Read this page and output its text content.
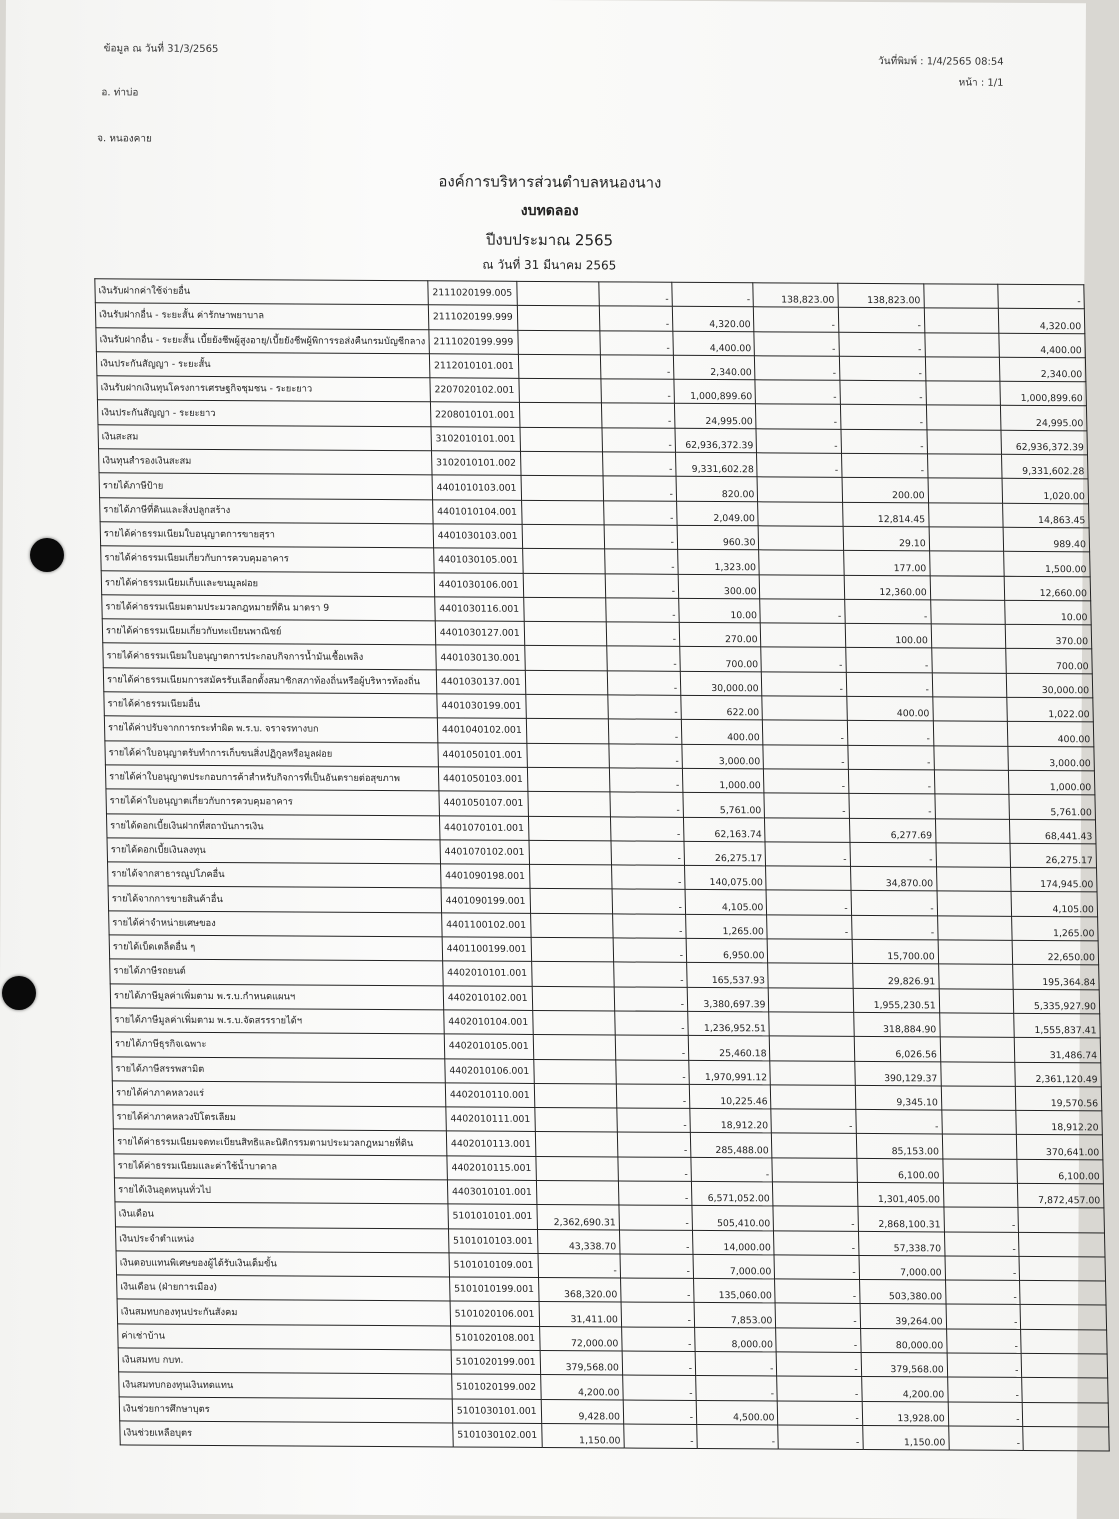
ข้อมูล ณ วันที่ 31/3/2565
อ. ท่าบ่อ
จ. หนองคาย
วันที่พิมพ์ : 1/4/2565 08:54
หน้า : 1/1
องค์การบริหารส่วนตำบลหนองนาง
งบทดลอง
ปีงบประมาณ 2565
ณ วันที่ 31 มีนาคม 2565
เงินรับฝากค่าใช้จ่ายอื่น	2111020199.005		-	-	138,823.00	138,823.00		-
เงินรับฝากอื่น - ระยะสั้น ค่ารักษาพยาบาล	2111020199.999		-	4,320.00	-	-		4,320.00
เงินรับฝากอื่น - ระยะสั้น เบี้ยยังชีพผู้สูงอายุ/เบี้ยยังชีพผู้พิการรอส่งคืนกรมบัญชีกลาง	2111020199.999		-	4,400.00	-	-		4,400.00
เงินประกันสัญญา - ระยะสั้น	2112010101.001		-	2,340.00	-	-		2,340.00
เงินรับฝากเงินทุนโครงการเศรษฐกิจชุมชน - ระยะยาว	2207020102.001		-	1,000,899.60	-	-		1,000,899.60
เงินประกันสัญญา - ระยะยาว	2208010101.001		-	24,995.00	-	-		24,995.00
เงินสะสม	3102010101.001		-	62,936,372.39	-	-		62,936,372.39
เงินทุนสำรองเงินสะสม	3102010101.002		-	9,331,602.28	-	-		9,331,602.28
รายได้ภาษีป้าย	4401010103.001		-	820.00		200.00		1,020.00
รายได้ภาษีที่ดินและสิ่งปลูกสร้าง	4401010104.001		-	2,049.00		12,814.45		14,863.45
รายได้ค่าธรรมเนียมใบอนุญาตการขายสุรา	4401030103.001		-	960.30		29.10		989.40
รายได้ค่าธรรมเนียมเกี่ยวกับการควบคุมอาคาร	4401030105.001		-	1,323.00		177.00		1,500.00
รายได้ค่าธรรมเนียมเก็บและขนมูลฝอย	4401030106.001		-	300.00		12,360.00		12,660.00
รายได้ค่าธรรมเนียมตามประมวลกฎหมายที่ดิน มาตรา 9	4401030116.001		-	10.00	-	-		10.00
รายได้ค่าธรรมเนียมเกี่ยวกับทะเบียนพาณิชย์	4401030127.001		-	270.00		100.00		370.00
รายได้ค่าธรรมเนียมใบอนุญาตการประกอบกิจการน้ำมันเชื้อเพลิง	4401030130.001		-	700.00	-	-		700.00
รายได้ค่าธรรมเนียมการสมัครรับเลือกตั้งสมาชิกสภาท้องถิ่นหรือผู้บริหารท้องถิ่น	4401030137.001		-	30,000.00	-	-		30,000.00
รายได้ค่าธรรมเนียมอื่น	4401030199.001		-	622.00		400.00		1,022.00
รายได้ค่าปรับจากการกระทำผิด พ.ร.บ. จราจรทางบก	4401040102.001		-	400.00	-	-		400.00
รายได้ค่าใบอนุญาตรับทำการเก็บขนสิ่งปฏิกูลหรือมูลฝอย	4401050101.001		-	3,000.00	-	-		3,000.00
รายได้ค่าใบอนุญาตประกอบการค้าสำหรับกิจการที่เป็นอันตรายต่อสุขภาพ	4401050103.001		-	1,000.00	-	-		1,000.00
รายได้ค่าใบอนุญาตเกี่ยวกับการควบคุมอาคาร	4401050107.001		-	5,761.00	-	-		5,761.00
รายได้ดอกเบี้ยเงินฝากที่สถาบันการเงิน	4401070101.001		-	62,163.74		6,277.69		68,441.43
รายได้ดอกเบี้ยเงินลงทุน	4401070102.001		-	26,275.17	-	-		26,275.17
รายได้จากสาธารณูปโภคอื่น	4401090198.001		-	140,075.00		34,870.00		174,945.00
รายได้จากการขายสินค้าอื่น	4401090199.001		-	4,105.00	-	-		4,105.00
รายได้ค่าจำหน่ายเศษของ	4401100102.001		-	1,265.00	-	-		1,265.00
รายได้เบ็ดเตล็ดอื่น ๆ	4401100199.001		-	6,950.00		15,700.00		22,650.00
รายได้ภาษีรถยนต์	4402010101.001		-	165,537.93		29,826.91		195,364.84
รายได้ภาษีมูลค่าเพิ่มตาม พ.ร.บ.กำหนดแผนฯ	4402010102.001		-	3,380,697.39		1,955,230.51		5,335,927.90
รายได้ภาษีมูลค่าเพิ่มตาม พ.ร.บ.จัดสรรรายได้ฯ	4402010104.001		-	1,236,952.51		318,884.90		1,555,837.41
รายได้ภาษีธุรกิจเฉพาะ	4402010105.001		-	25,460.18		6,026.56		31,486.74
รายได้ภาษีสรรพสามิต	4402010106.001		-	1,970,991.12		390,129.37		2,361,120.49
รายได้ค่าภาคหลวงแร่	4402010110.001		-	10,225.46		9,345.10		19,570.56
รายได้ค่าภาคหลวงปิโตรเลียม	4402010111.001		-	18,912.20	-	-		18,912.20
รายได้ค่าธรรมเนียมจดทะเบียนสิทธิและนิติกรรมตามประมวลกฎหมายที่ดิน	4402010113.001		-	285,488.00		85,153.00		370,641.00
รายได้ค่าธรรมเนียมและค่าใช้น้ำบาดาล	4402010115.001		-	-		6,100.00		6,100.00
รายได้เงินอุดหนุนทั่วไป	4403010101.001		-	6,571,052.00		1,301,405.00		7,872,457.00
เงินเดือน	5101010101.001	2,362,690.31	-	505,410.00	-	2,868,100.31	-	
เงินประจำตำแหน่ง	5101010103.001	43,338.70	-	14,000.00	-	57,338.70	-	
เงินตอบแทนพิเศษของผู้ได้รับเงินเต็มขั้น	5101010109.001	-	-	7,000.00	-	7,000.00	-	
เงินเดือน (ฝ่ายการเมือง)	5101010199.001	368,320.00	-	135,060.00	-	503,380.00	-	
เงินสมทบกองทุนประกันสังคม	5101020106.001	31,411.00	-	7,853.00	-	39,264.00	-	
ค่าเช่าบ้าน	5101020108.001	72,000.00	-	8,000.00	-	80,000.00	-	
เงินสมทบ กบท.	5101020199.001	379,568.00	-	-	-	379,568.00	-	
เงินสมทบกองทุนเงินทดแทน	5101020199.002	4,200.00	-	-	-	4,200.00	-	
เงินช่วยการศึกษาบุตร	5101030101.001	9,428.00	-	4,500.00	-	13,928.00	-	
เงินช่วยเหลือบุตร	5101030102.001	1,150.00	-	-	-	1,150.00	-	
